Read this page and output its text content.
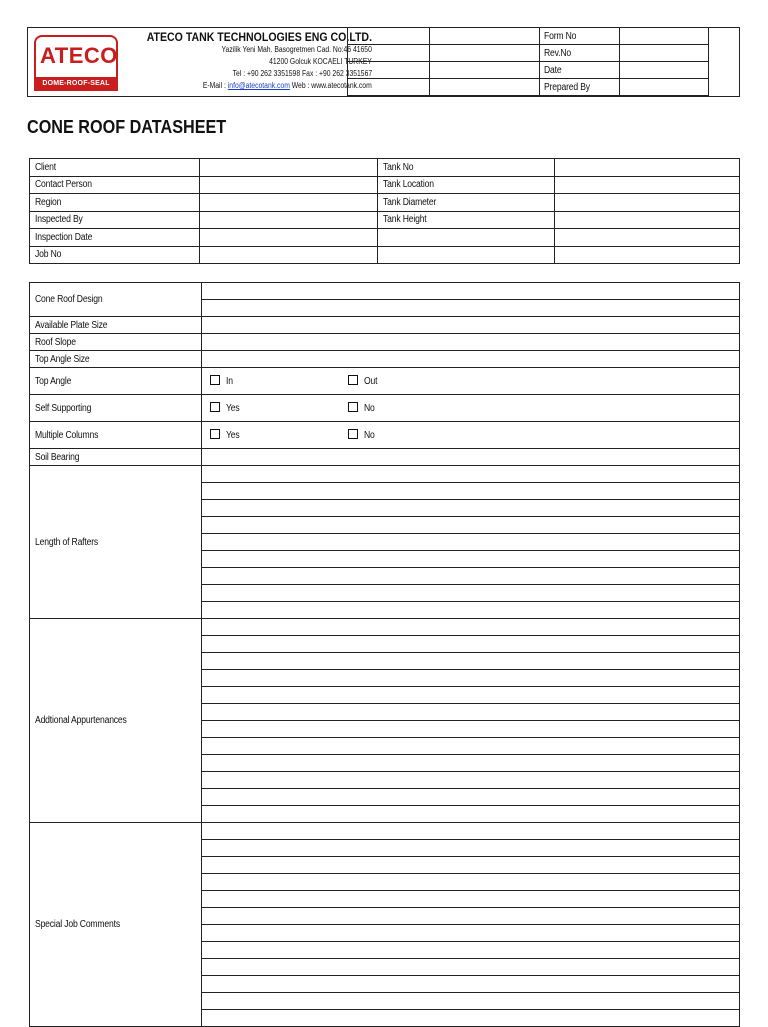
ATECO
DOME-ROOF-SEAL
ATECO TANK TECHNOLOGIES ENG CO.LTD.
Yazilik Yeni Mah. Basogretmen Cad. No:46 41650
41200 Golcuk KOCAELI TURKEY
Tel : +90 262 3351598 Fax : +90 262 3351567
E-Mail : info@atecotank.com Web : www.atecotank.com
		Form No	
		Rev.No	
		Date	
		Prepared By	
CONE ROOF DATASHEET
Client		Tank No	
Contact Person		Tank Location	
Region		Tank Diameter	
Inspected By		Tank Height	
Inspection Date			
Job No			
Cone Roof Design	

Available Plate Size	
Roof Slope	
Top Angle Size	
Top Angle	In Out

Self Supporting	Yes No

Multiple Columns	Yes No

Soil Bearing	
Length of Rafters	

Addtional Appurtenances	

Special Job Comments	
